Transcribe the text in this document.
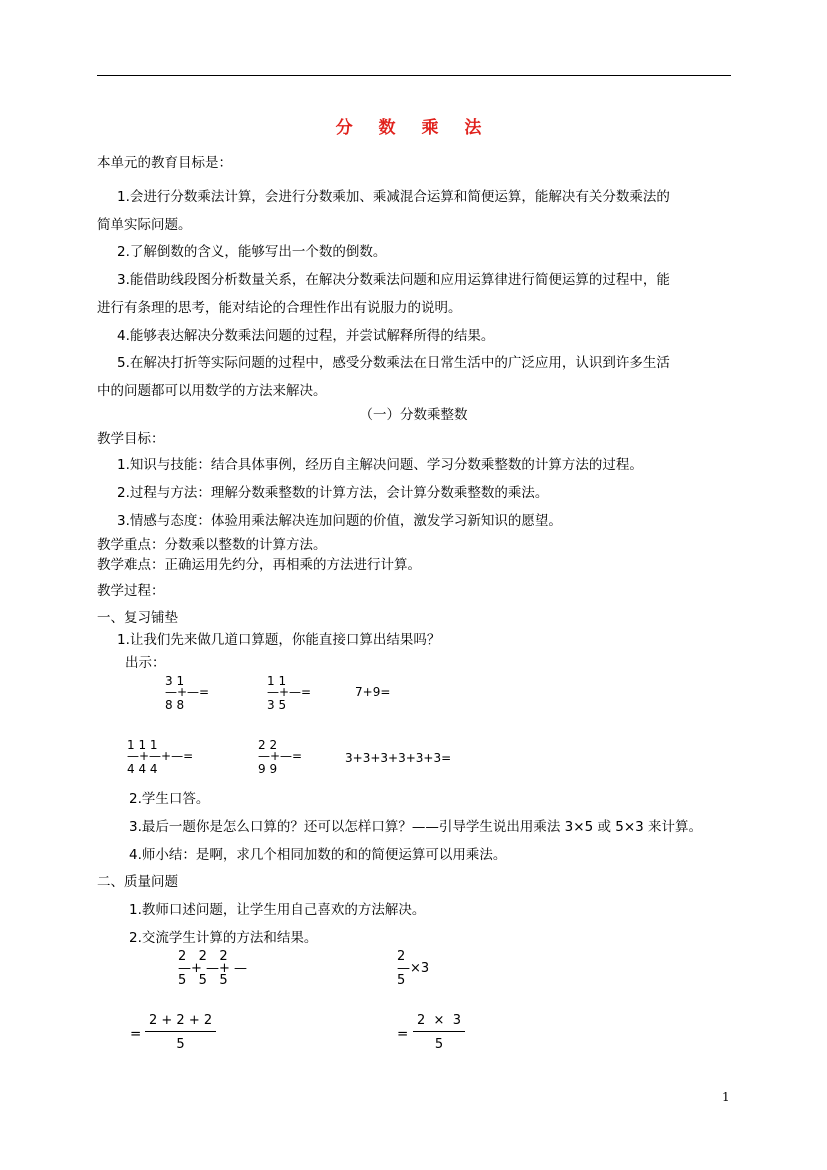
分 数 乘 法
本单元的教育目标是：
1.会进行分数乘法计算，会进行分数乘加、乘减混合运算和简便运算，能解决有关分数乘法的
简单实际问题。
2.了解倒数的含义，能够写出一个数的倒数。
3.能借助线段图分析数量关系，在解决分数乘法问题和应用运算律进行简便运算的过程中，能
进行有条理的思考，能对结论的合理性作出有说服力的说明。
4.能够表达解决分数乘法问题的过程，并尝试解释所得的结果。
5.在解决打折等实际问题的过程中，感受分数乘法在日常生活中的广泛应用，认识到许多生活
中的问题都可以用数学的方法来解决。
（一）分数乘整数
教学目标：
1.知识与技能：结合具体事例，经历自主解决问题、学习分数乘整数的计算方法的过程。
2.过程与方法：理解分数乘整数的计算方法，会计算分数乘整数的乘法。
3.情感与态度：体验用乘法解决连加问题的价值，激发学习新知识的愿望。
教学重点：分数乘以整数的计算方法。
教学难点：正确运用先约分，再相乘的方法进行计算。
教学过程：
一、复习铺垫
1.让我们先来做几道口算题，你能直接口算出结果吗？
出示：
3 1
—+—=
8 8
1 1
—+—=
3 5
7+9=
1 1 1
—+—+—=
4 4 4
2 2
—+—=
9 9
3+3+3+3+3+3=
2.学生口答。
3.最后一题你是怎么口算的？还可以怎样口算？——引导学生说出用乘法 3×5 或 5×3 来计算。
4.师小结：是啊，求几个相同加数的和的简便运算可以用乘法。
二、质量问题
1.教师口述问题，让学生用自己喜欢的方法解决。
2.交流学生计算的方法和结果。
2   2   2
—+ —+ —
5   5   5
=
2 + 2 + 2
5
2
—×3
5
=
2  ×  3
5
1
